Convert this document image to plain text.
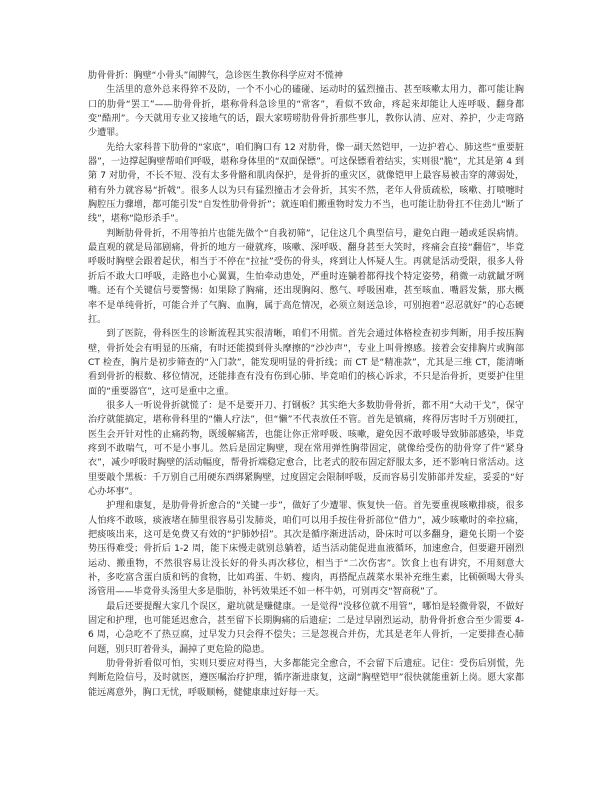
肋骨骨折：胸壁“小骨头”闹脾气，急诊医生教你科学应对不慌神

生活里的意外总来得猝不及防，一个不小心的磕碰、运动时的猛烈撞击、甚至咳嗽太用力，都可能让胸口的肋骨“罢工”——肋骨骨折，堪称骨科急诊里的“常客”，看似不致命，疼起来却能让人连呼吸、翻身都变“酷刑”。今天就用专业又接地气的话，跟大家唠唠肋骨骨折那些事儿，教你认清、应对、养护，少走弯路少遭罪。

先给大家科普下肋骨的“家底”，咱们胸口有 12 对肋骨，像一副天然铠甲，一边护着心、肺这些“重要脏器”，一边撑起胸壁帮咱们呼吸，堪称身体里的“双面保镖”。可这保镖看着结实，实则很“脆”，尤其是第 4 到第 7 对肋骨，不长不短、没有太多骨骼和肌肉保护，是骨折的重灾区，就像铠甲上最容易被击穿的薄弱处，稍有外力就容易“折戟”。很多人以为只有猛烈撞击才会骨折，其实不然，老年人骨质疏松，咳嗽、打喷嚏时胸腔压力骤增，都可能引发“自发性肋骨骨折”；就连咱们搬重物时发力不当，也可能让肋骨扛不住劲儿“断了线”，堪称“隐形杀手”。

判断肋骨骨折，不用等拍片也能先做个“自我初筛”，记住这几个典型信号，避免白跑一趟或延误病情。最直观的就是局部剧痛，骨折的地方一碰就疼，咳嗽、深呼吸、翻身甚至大笑时，疼痛会直接“翻倍”，毕竟呼吸时胸壁会跟着起伏，相当于不停在“拉扯”受伤的骨头，疼到让人怀疑人生。再就是活动受限，很多人骨折后不敢大口呼吸，走路也小心翼翼，生怕牵动患处，严重时连躺着都得找个特定姿势，稍微一动就龇牙咧嘴。还有个关键信号要警惕：如果除了胸痛，还出现胸闷、憋气、呼吸困难，甚至咳血、嘴唇发紫，那大概率不是单纯骨折，可能合并了气胸、血胸，属于高危情况，必须立刻送急诊，可别抱着“忍忍就好”的心态硬扛。

到了医院，骨科医生的诊断流程其实很清晰，咱们不用慌。首先会通过体格检查初步判断，用手按压胸壁，骨折处会有明显的压痛，有时还能摸到骨头摩擦的“沙沙声”，专业上叫骨擦感。接着会安排胸片或胸部 CT 检查，胸片是初步筛查的“入门款”，能发现明显的骨折线；而 CT 是“精准款”，尤其是三维 CT，能清晰看到骨折的根数、移位情况，还能排查有没有伤到心肺、毕竟咱们的核心诉求，不只是治骨折，更要护住里面的“重要器官”，这可是重中之重。

很多人一听说骨折就慌了：是不是要开刀、打钢板？其实绝大多数肋骨骨折，都不用“大动干戈”，保守治疗就能搞定，堪称骨科里的“懒人疗法”，但“懒”不代表放任不管。首先是镇痛，疼得厉害时千万别硬扛，医生会开针对性的止痛药物，既缓解痛苦，也能让你正常呼吸、咳嗽，避免因不敢呼吸导致肺部感染，毕竟疼到不敢喘气，可不是小事儿。然后是固定胸壁，现在常用弹性胸带固定，就像给受伤的肋骨穿了件“紧身衣”，减少呼吸时胸壁的活动幅度，帮骨折端稳定愈合，比老式的胶布固定舒服太多，还不影响日常活动。这里要敲个黑板：千万别自己用硬东西绑紧胸壁，过度固定会限制呼吸，反而容易引发肺部并发症，妥妥的“好心办坏事”。

护理和康复，是肋骨骨折愈合的“关键一步”，做好了少遭罪、恢复快一倍。首先要重视咳嗽排痰，很多人怕疼不敢咳，痰液堵在肺里很容易引发肺炎，咱们可以用手按住骨折部位“借力”，减少咳嗽时的牵拉痛，把痰咳出来，这可是免费又有效的“护肺妙招”。其次是循序渐进活动，卧床时可以多翻身，避免长期一个姿势压得难受；骨折后 1-2 周，能下床慢走就别总躺着，适当活动能促进血液循环，加速愈合，但要避开剧烈运动、搬重物，不然很容易让没长好的骨头再次移位，相当于“二次伤害”。饮食上也有讲究，不用刻意大补，多吃富含蛋白质和钙的食物，比如鸡蛋、牛奶、瘦肉，再搭配点蔬菜水果补充维生素，比顿顿喝大骨头汤管用——毕竟骨头汤里大多是脂肪，补钙效果还不如一杯牛奶，可别再交“智商税”了。

最后还要提醒大家几个误区，避坑就是赚健康。一是觉得“没移位就不用管”，哪怕是轻微骨裂，不做好固定和护理，也可能延迟愈合，甚至留下长期胸痛的后遗症；二是过早剧烈运动，肋骨骨折愈合至少需要 4-6 周，心急吃不了热豆腐，过早发力只会得不偿失；三是忽视合并伤，尤其是老年人骨折，一定要排查心肺问题，别只盯着骨头，漏掉了更危险的隐患。

肋骨骨折看似可怕，实则只要应对得当，大多都能完全愈合，不会留下后遗症。记住：受伤后别慌，先判断危险信号，及时就医，遵医嘱治疗护理，循序渐进康复，这副“胸壁铠甲”很快就能重新上岗。愿大家都能远离意外，胸口无忧，呼吸顺畅，健健康康过好每一天。
